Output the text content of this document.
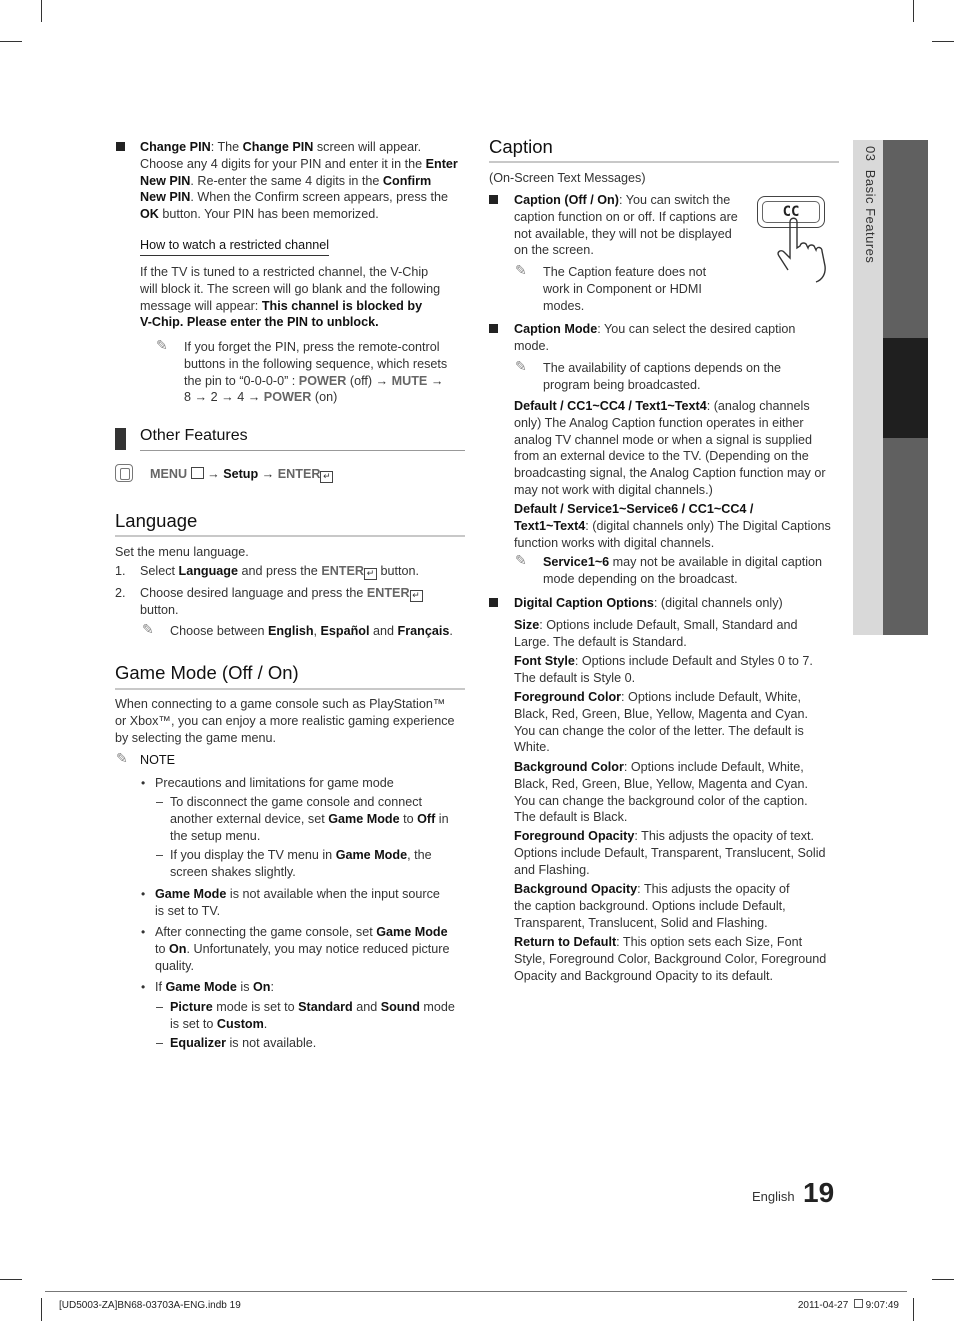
03  Basic Features

Change PIN: The Change PIN screen will appear.

Choose any 4 digits for your PIN and enter it in the Enter

New PIN. Re-enter the same 4 digits in the Confirm

New PIN. When the Confirm screen appears, press the

OK button. Your PIN has been memorized.

How to watch a restricted channel

If the TV is tuned to a restricted channel, the V-Chip

will block it. The screen will go blank and the following

message will appear: This channel is blocked by

V-Chip. Please enter the PIN to unblock.

✎ If you forget the PIN, press the remote-control

buttons in the following sequence, which resets

the pin to “0-0-0-0” : POWER (off) → MUTE →

8 → 2 → 4 → POWER (on)

Other Features
MENU → Setup → ENTER ↵
Language
Set the menu language.
1. Select Language and press the ENTER ↵ button.
2. Choose desired language and press the ENTER ↵

button.

✎ Choose between English, Español and Français.
Game Mode (Off / On)

When connecting to a game console such as PlayStation™

or Xbox™, you can enjoy a more realistic gaming experience

by selecting the game menu.

✎ NOTE
• Precautions and limitations for game mode
– To disconnect the game console and connect

another external device, set Game Mode to Off in

the setup menu.

– If you display the TV menu in Game Mode, the

screen shakes slightly.

• Game Mode is not available when the input source

is set to TV.

• After connecting the game console, set Game Mode

to On. Unfortunately, you may notice reduced picture

quality.

• If Game Mode is On:
– Picture mode is set to Standard and Sound mode

is set to Custom.

– Equalizer is not available.
Caption
(On-Screen Text Messages)
CC

Caption (Off / On): You can switch the

caption function on or off. If captions are

not available, they will not be displayed

on the screen.

✎ The Caption feature does not

work in Component or HDMI

modes.

Caption Mode: You can select the desired caption

mode.

✎ The availability of captions depends on the

program being broadcasted.

Default / CC1~CC4 / Text1~Text4: (analog channels

only) The Analog Caption function operates in either

analog TV channel mode or when a signal is supplied

from an external device to the TV. (Depending on the

broadcasting signal, the Analog Caption function may or

may not work with digital channels.)

Default / Service1~Service6 / CC1~CC4 /

Text1~Text4: (digital channels only) The Digital Captions

function works with digital channels.

✎ Service1~6 may not be available in digital caption

mode depending on the broadcast.

Digital Caption Options: (digital channels only)

Size: Options include Default, Small, Standard and

Large. The default is Standard.

Font Style: Options include Default and Styles 0 to 7.

The default is Style 0.

Foreground Color: Options include Default, White,

Black, Red, Green, Blue, Yellow, Magenta and Cyan.

You can change the color of the letter. The default is

White.

Background Color: Options include Default, White,

Black, Red, Green, Blue, Yellow, Magenta and Cyan.

You can change the background color of the caption.

The default is Black.

Foreground Opacity: This adjusts the opacity of text.

Options include Default, Transparent, Translucent, Solid

and Flashing.

Background Opacity: This adjusts the opacity of

the caption background. Options include Default,

Transparent, Translucent, Solid and Flashing.

Return to Default: This option sets each Size, Font

Style, Foreground Color, Background Color, Foreground

Opacity and Background Opacity to its default.

English 19
[UD5003-ZA]BN68-03703A-ENG.indb 19	2011-04-27 9:07:49
